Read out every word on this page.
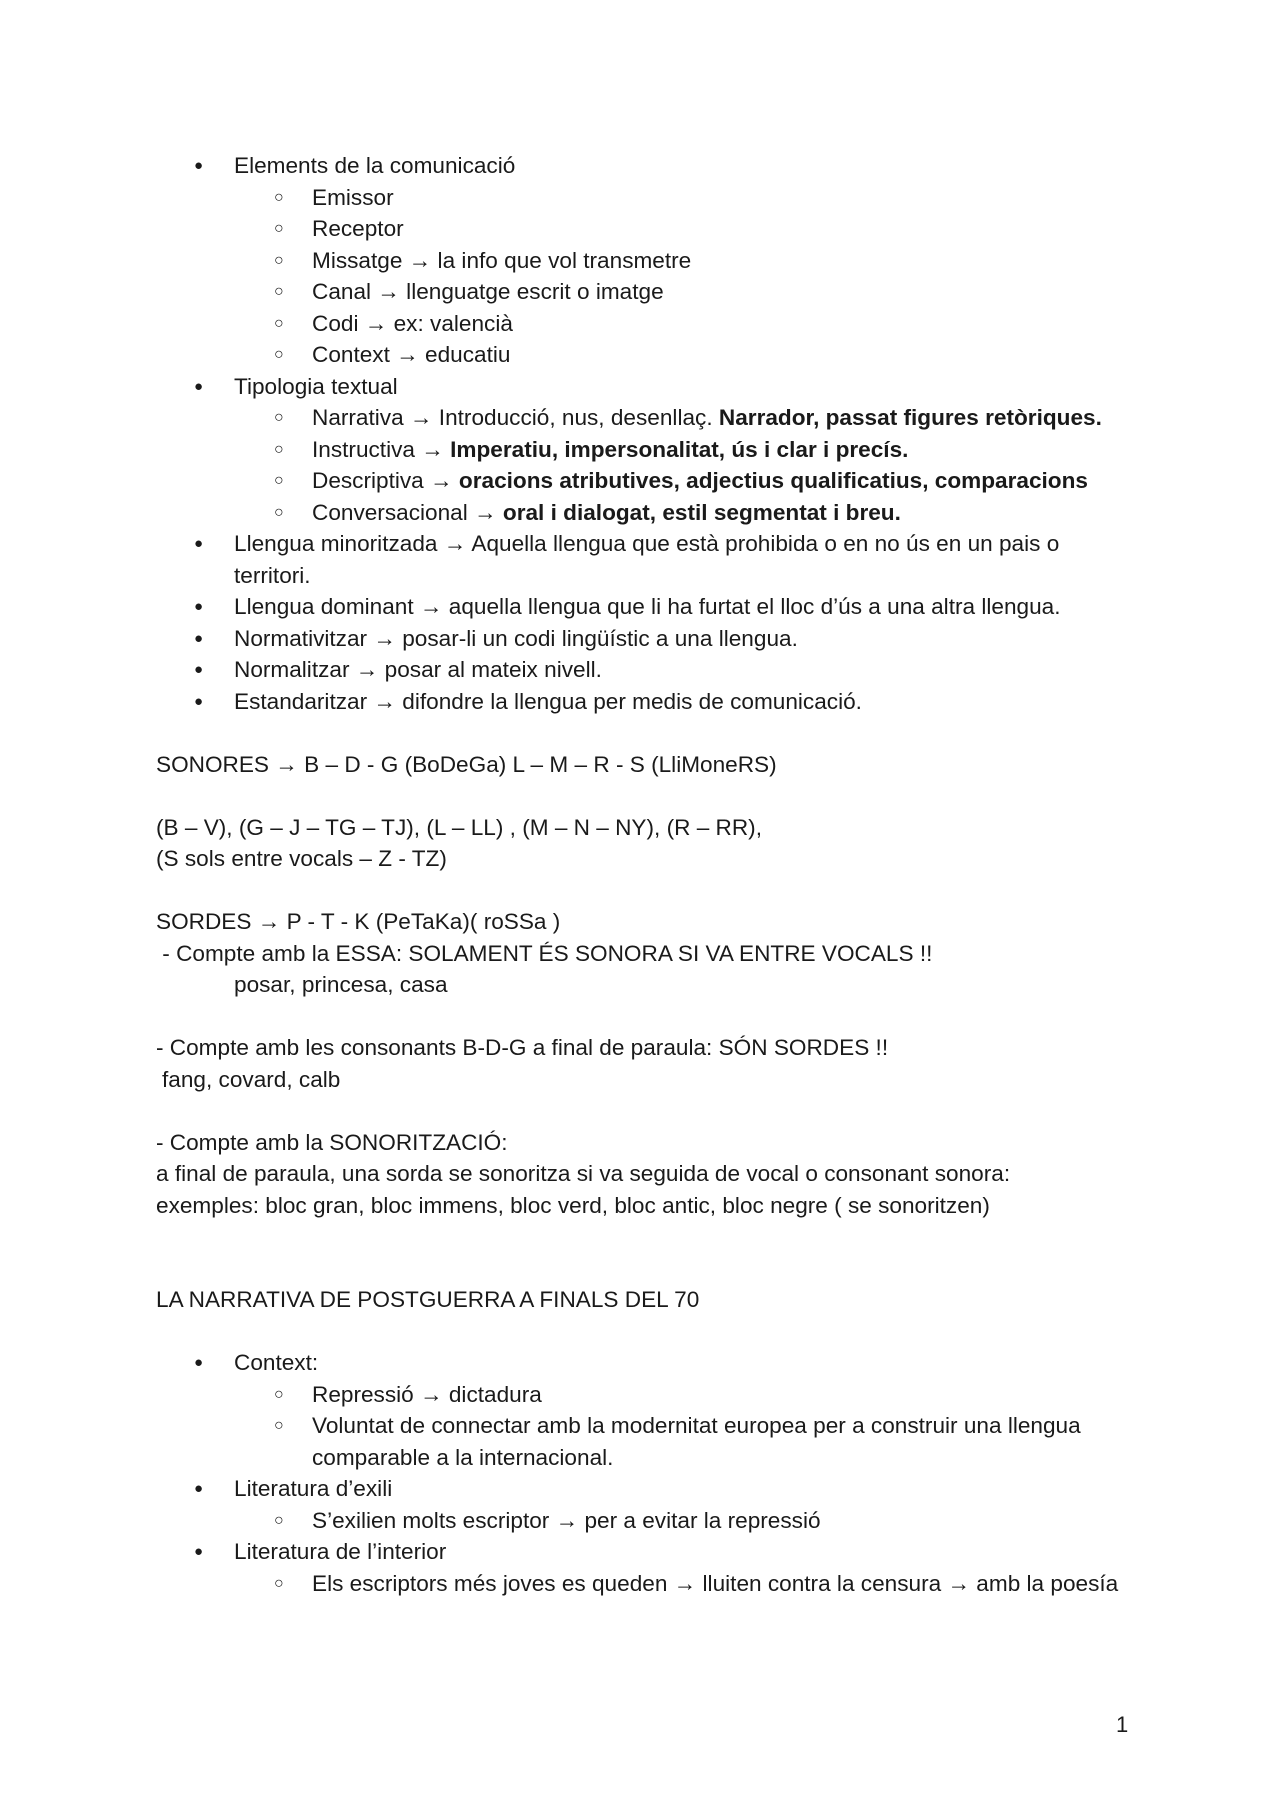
● Elements de la comunicació
○ Emissor
○ Receptor
○ Missatge → la info que vol transmetre
○ Canal → llenguatge escrit o imatge
○ Codi → ex: valencià
○ Context → educatiu
● Tipologia textual
○ Narrativa → Introducció, nus, desenllaç. Narrador, passat figures retòriques.
○ Instructiva → Imperatiu, impersonalitat, ús i clar i precís.
○ Descriptiva → oracions atributives, adjectius qualificatius, comparacions
○ Conversacional → oral i dialogat, estil segmentat i breu.
● Llengua minoritzada → Aquella llengua que està prohibida o en no ús en un pais o territori.
● Llengua dominant → aquella llengua que li ha furtat el lloc d’ús a una altra llengua.
● Normativitzar → posar-li un codi lingüístic a una llengua.
● Normalitzar → posar al mateix nivell.
● Estandaritzar → difondre la llengua per medis de comunicació.

SONORES → B – D - G (BoDeGa) L – M – R - S (LliMoneRS)

(B – V), (G – J – TG – TJ), (L – LL) , (M – N – NY), (R – RR),

(S sols entre vocals – Z - TZ)

SORDES → P - T - K (PeTaKa)( roSSa )

- Compte amb la ESSA: SOLAMENT ÉS SONORA SI VA ENTRE VOCALS !!

posar, princesa, casa

- Compte amb les consonants B-D-G a final de paraula: SÓN SORDES !!

fang, covard, calb

- Compte amb la SONORITZACIÓ:

a final de paraula, una sorda se sonoritza si va seguida de vocal o consonant sonora:

exemples: bloc gran, bloc immens, bloc verd, bloc antic, bloc negre ( se sonoritzen)

LA NARRATIVA DE POSTGUERRA A FINALS DEL 70

● Context:
○ Repressió → dictadura
○ Voluntat de connectar amb la modernitat europea per a construir una llengua comparable a la internacional.
● Literatura d’exili
○ S’exilien molts escriptor → per a evitar la repressió
● Literatura de l’interior
○ Els escriptors més joves es queden → lluiten contra la censura → amb la poesía
1
